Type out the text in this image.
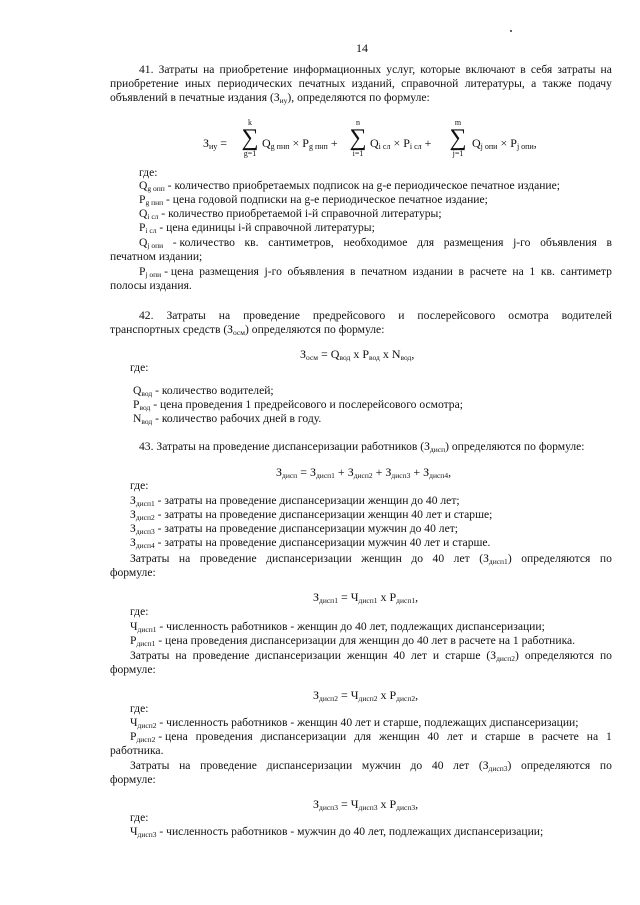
14
41. Затраты на приобретение информационных услуг, которые включают в себя затраты на
приобретение иных периодических печатных изданий, справочной литературы, а также подачу
объявлений в печатные издания $(З_{иу})$, определяются по формуле:
$З_{иу}$ =
k
∑
g=1
$Q_{g пнп} \times P_{g пнп}$ +
n
∑
i=1
$Q_{i сл} \times P_{i сл}$ +
m
∑
j=1
$Q_{j опи} \times P_{j опи}$,
где:
$Q_{g опп}$ - количество приобретаемых подписок на g-е периодическое печатное издание;
$P_{g пнп}$ - цена годовой подписки на g-е периодическое печатное издание;
$Q_{i сл}$ - количество приобретаемой i-й справочной литературы;
$P_{i сл}$ - цена единицы i-й справочной литературы;
$Q_{j опи}$ - количество кв. сантиметров, необходимое для размещения j-го объявления в
печатном издании;
$P_{j опи}$ - цена размещения j-го объявления в печатном издании в расчете на 1 кв. сантиметр
полосы издания.
42. Затраты на проведение предрейсового и послерейсового осмотра водителей
транспортных средств $(З_{осм})$ определяются по формуле:
$З_{осм} = Q_{вод}$ x $P_{вод}$ x $N_{вод}$,
где:
$Q_{вод}$ - количество водителей;
$P_{вод}$ - цена проведения 1 предрейсового и послерейсового осмотра;
$N_{вод}$ - количество рабочих дней в году.
43. Затраты на проведение диспансеризации работников $(З_{дисп})$ определяются по формуле:
$З_{дисп} = З_{дисп1} + З_{дисп2} + З_{дисп3} + З_{дисп4}$,
где:
$З_{дисп1}$ - затраты на проведение диспансеризации женщин до 40 лет;
$З_{дисп2}$ - затраты на проведение диспансеризации женщин 40 лет и старше;
$З_{дисп3}$ - затраты на проведение диспансеризации мужчин до 40 лет;
$З_{дисп4}$ - затраты на проведение диспансеризации мужчин 40 лет и старше.
Затраты на проведение диспансеризации женщин до 40 лет $(З_{дисп1})$ определяются по
формуле:
$З_{дисп1} = Ч_{дисп1}$ x $P_{дисп1}$,
где:
$Ч_{дисп1}$ - численность работников - женщин до 40 лет, подлежащих диспансеризации;
$P_{дисп1}$ - цена проведения диспансеризации для женщин до 40 лет в расчете на 1 работника.
Затраты на проведение диспансеризации женщин 40 лет и старше $(З_{дисп2})$ определяются по
формуле:
$З_{дисп2} = Ч_{дисп2}$ x $P_{дисп2}$,
где:
$Ч_{дисп2}$ - численность работников - женщин 40 лет и старше, подлежащих диспансеризации;
$P_{дисп2}$ - цена проведения диспансеризации для женщин 40 лет и старше в расчете на 1
работника.
Затраты на проведение диспансеризации мужчин до 40 лет $(З_{дисп3})$ определяются по
формуле:
$З_{дисп3} = Ч_{дисп3}$ x $P_{дисп3}$,
где:
$Ч_{дисп3}$ - численность работников - мужчин до 40 лет, подлежащих диспансеризации;
